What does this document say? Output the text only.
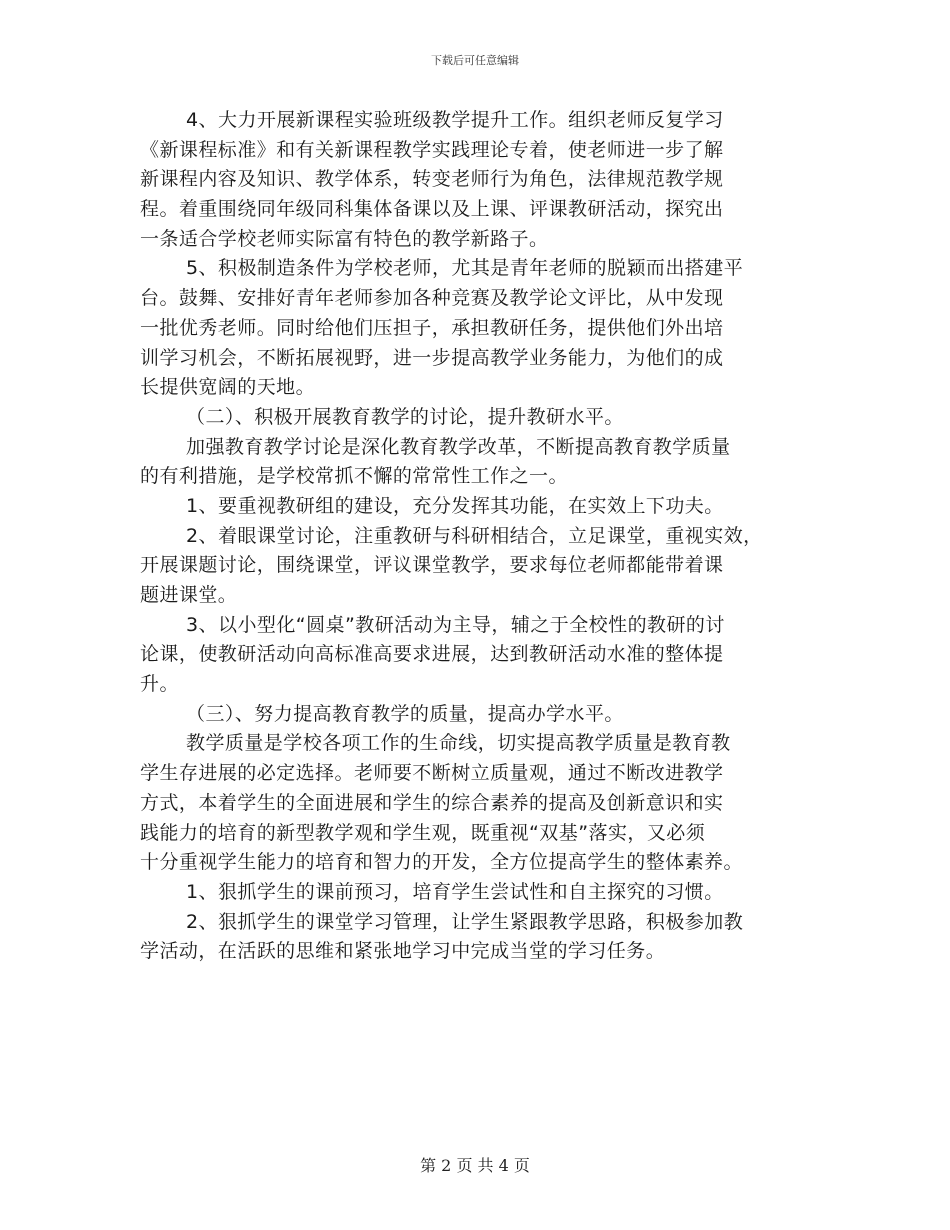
下载后可任意编辑
4、大力开展新课程实验班级教学提升工作。组织老师反复学习
《新课程标准》和有关新课程教学实践理论专着，使老师进一步了解
新课程内容及知识、教学体系，转变老师行为角色，法律规范教学规
程。着重围绕同年级同科集体备课以及上课、评课教研活动，探究出
一条适合学校老师实际富有特色的教学新路子。
5、积极制造条件为学校老师，尤其是青年老师的脱颖而出搭建平
台。鼓舞、安排好青年老师参加各种竞赛及教学论文评比，从中发现
一批优秀老师。同时给他们压担子，承担教研任务，提供他们外出培
训学习机会，不断拓展视野，进一步提高教学业务能力，为他们的成
长提供宽阔的天地。
（二）、积极开展教育教学的讨论，提升教研水平。
加强教育教学讨论是深化教育教学改革，不断提高教育教学质量
的有利措施，是学校常抓不懈的常常性工作之一。
1、要重视教研组的建设，充分发挥其功能，在实效上下功夫。
2、着眼课堂讨论，注重教研与科研相结合，立足课堂，重视实效，
开展课题讨论，围绕课堂，评议课堂教学，要求每位老师都能带着课
题进课堂。
3、以小型化“圆桌”教研活动为主导，辅之于全校性的教研的讨
论课，使教研活动向高标准高要求进展，达到教研活动水准的整体提
升。
（三）、努力提高教育教学的质量，提高办学水平。
教学质量是学校各项工作的生命线，切实提高教学质量是教育教
学生存进展的必定选择。老师要不断树立质量观，通过不断改进教学
方式，本着学生的全面进展和学生的综合素养的提高及创新意识和实
践能力的培育的新型教学观和学生观，既重视“双基”落实，又必须
十分重视学生能力的培育和智力的开发，全方位提高学生的整体素养。
1、狠抓学生的课前预习，培育学生尝试性和自主探究的习惯。
2、狠抓学生的课堂学习管理，让学生紧跟教学思路，积极参加教
学活动，在活跃的思维和紧张地学习中完成当堂的学习任务。
第 2 页 共 4 页
